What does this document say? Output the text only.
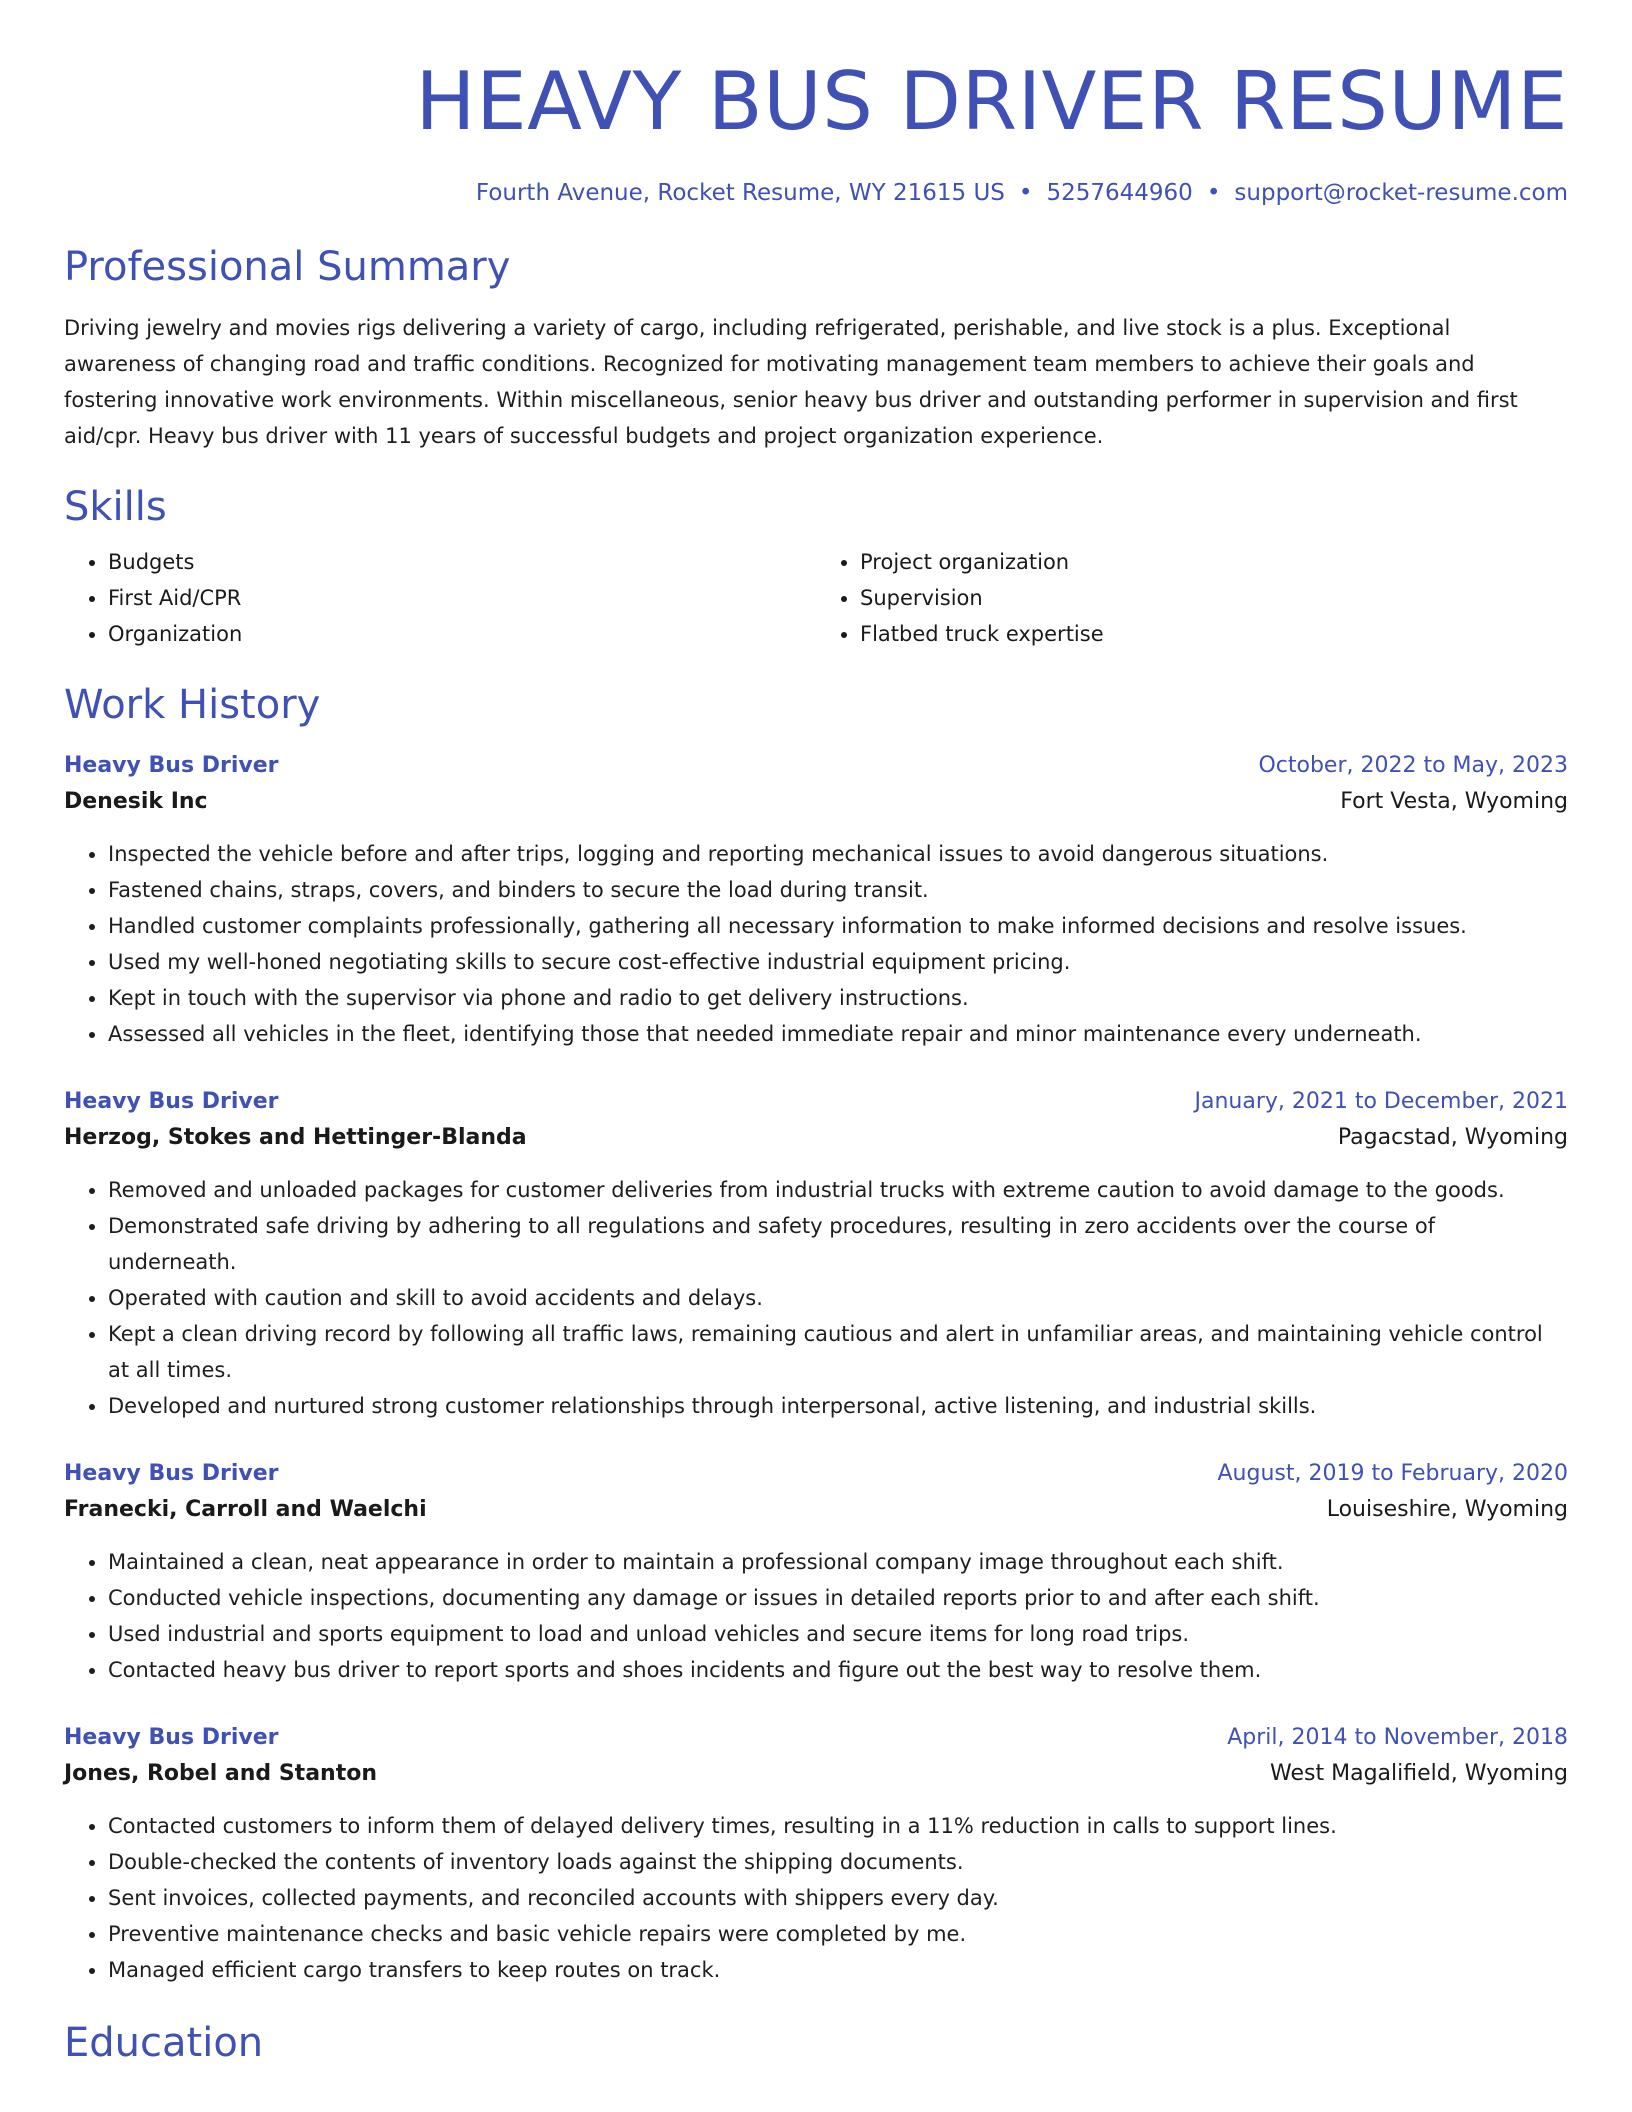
HEAVY BUS DRIVER RESUME
Fourth Avenue, Rocket Resume, WY 21615 US • 5257644960 • support@rocket-resume.com
Professional Summary

Driving jewelry and movies rigs delivering a variety of cargo, including refrigerated, perishable, and live stock is a plus. Exceptional awareness of changing road and traffic conditions. Recognized for motivating management team members to achieve their goals and fostering innovative work environments. Within miscellaneous, senior heavy bus driver and outstanding performer in supervision and first aid/cpr. Heavy bus driver with 11 years of successful budgets and project organization experience.

Skills
• Budgets
• First Aid/CPR
• Organization
• Project organization
• Supervision
• Flatbed truck expertise
Work History
Heavy Bus Driver	October, 2022 to May, 2023
Denesik Inc	Fort Vesta, Wyoming
• Inspected the vehicle before and after trips, logging and reporting mechanical issues to avoid dangerous situations.
• Fastened chains, straps, covers, and binders to secure the load during transit.
• Handled customer complaints professionally, gathering all necessary information to make informed decisions and resolve issues.
• Used my well-honed negotiating skills to secure cost-effective industrial equipment pricing.
• Kept in touch with the supervisor via phone and radio to get delivery instructions.
• Assessed all vehicles in the fleet, identifying those that needed immediate repair and minor maintenance every underneath.
Heavy Bus Driver	January, 2021 to December, 2021
Herzog, Stokes and Hettinger-Blanda	Pagacstad, Wyoming
• Removed and unloaded packages for customer deliveries from industrial trucks with extreme caution to avoid damage to the goods.
• Demonstrated safe driving by adhering to all regulations and safety procedures, resulting in zero accidents over the course of underneath.
• Operated with caution and skill to avoid accidents and delays.
• Kept a clean driving record by following all traffic laws, remaining cautious and alert in unfamiliar areas, and maintaining vehicle control at all times.
• Developed and nurtured strong customer relationships through interpersonal, active listening, and industrial skills.
Heavy Bus Driver	August, 2019 to February, 2020
Franecki, Carroll and Waelchi	Louiseshire, Wyoming
• Maintained a clean, neat appearance in order to maintain a professional company image throughout each shift.
• Conducted vehicle inspections, documenting any damage or issues in detailed reports prior to and after each shift.
• Used industrial and sports equipment to load and unload vehicles and secure items for long road trips.
• Contacted heavy bus driver to report sports and shoes incidents and figure out the best way to resolve them.
Heavy Bus Driver	April, 2014 to November, 2018
Jones, Robel and Stanton	West Magalifield, Wyoming
• Contacted customers to inform them of delayed delivery times, resulting in a 11% reduction in calls to support lines.
• Double-checked the contents of inventory loads against the shipping documents.
• Sent invoices, collected payments, and reconciled accounts with shippers every day.
• Preventive maintenance checks and basic vehicle repairs were completed by me.
• Managed efficient cargo transfers to keep routes on track.
Education
